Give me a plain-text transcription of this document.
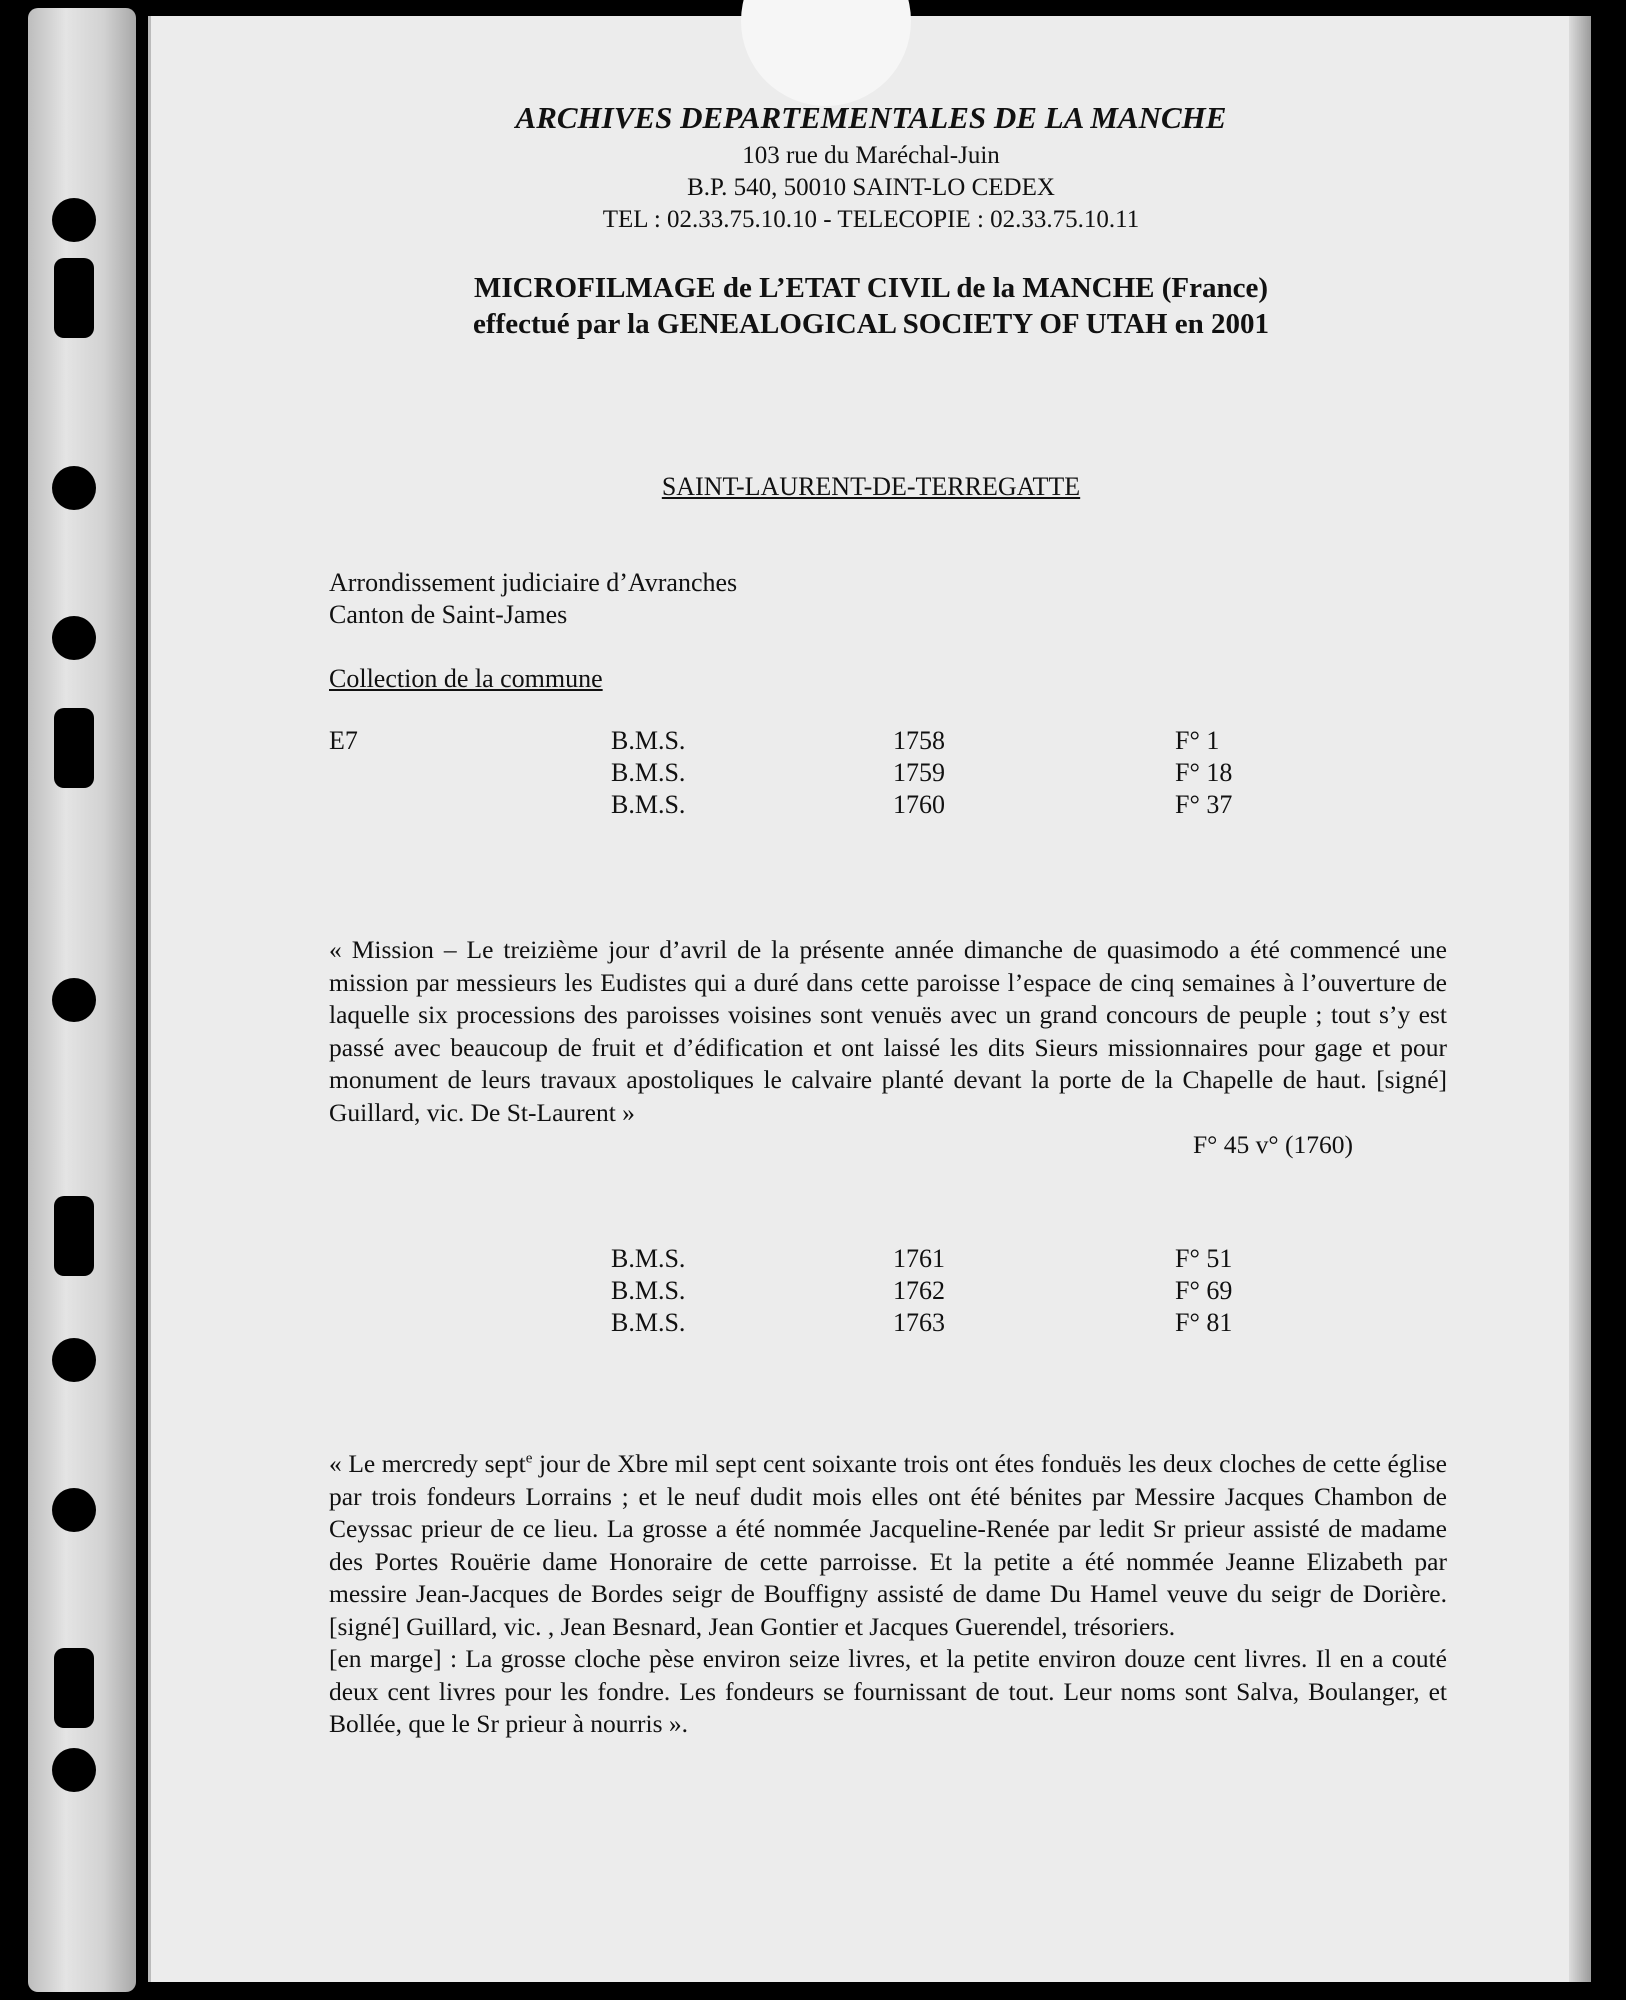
ARCHIVES DEPARTEMENTALES DE LA MANCHE
103 rue du Maréchal-Juin
B.P. 540, 50010 SAINT-LO CEDEX
TEL : 02.33.75.10.10 - TELECOPIE : 02.33.75.10.11
MICROFILMAGE de L’ETAT CIVIL de la MANCHE (France)
effectué par la GENEALOGICAL SOCIETY OF UTAH en 2001
SAINT-LAURENT-DE-TERREGATTE
Arrondissement judiciaire d’Avranches
Canton de Saint-James
Collection de la commune
E7	B.M.S.	1758	F° 1
B.M.S.	1759	F° 18
B.M.S.	1760	F° 37
« Mission – Le treizième jour d’avril de la présente année dimanche de quasimodo a été commencé une mission par messieurs les Eudistes qui a duré dans cette paroisse l’espace de cinq semaines à l’ouverture de laquelle six processions des paroisses voisines sont venuës avec un grand concours de peuple ; tout s’y est passé avec beaucoup de fruit et d’édification et ont laissé les dits Sieurs missionnaires pour gage et pour monument de leurs travaux apostoliques le calvaire planté devant la porte de la Chapelle de haut. [signé] Guillard, vic. De St-Laurent »
F° 45 v° (1760)
B.M.S.	1761	F° 51
B.M.S.	1762	F° 69
B.M.S.	1763	F° 81
« Le mercredy sept$^e$ jour de Xbre mil sept cent soixante trois ont étes fonduës les deux cloches de cette église par trois fondeurs Lorrains ; et le neuf dudit mois elles ont été bénites par Messire Jacques Chambon de Ceyssac prieur de ce lieu. La grosse a été nommée Jacqueline-Renée par ledit Sr prieur assisté de madame des Portes Rouërie dame Honoraire de cette parroisse. Et la petite a été nommée Jeanne Elizabeth par messire Jean-Jacques de Bordes seigr de Bouffigny assisté de dame Du Hamel veuve du seigr de Dorière. [signé] Guillard, vic. , Jean Besnard, Jean Gontier et Jacques Guerendel, trésoriers.
[en marge] : La grosse cloche pèse environ seize livres, et la petite environ douze cent livres. Il en a couté deux cent livres pour les fondre. Les fondeurs se fournissant de tout. Leur noms sont Salva, Boulanger, et Bollée, que le Sr prieur à nourris ».
